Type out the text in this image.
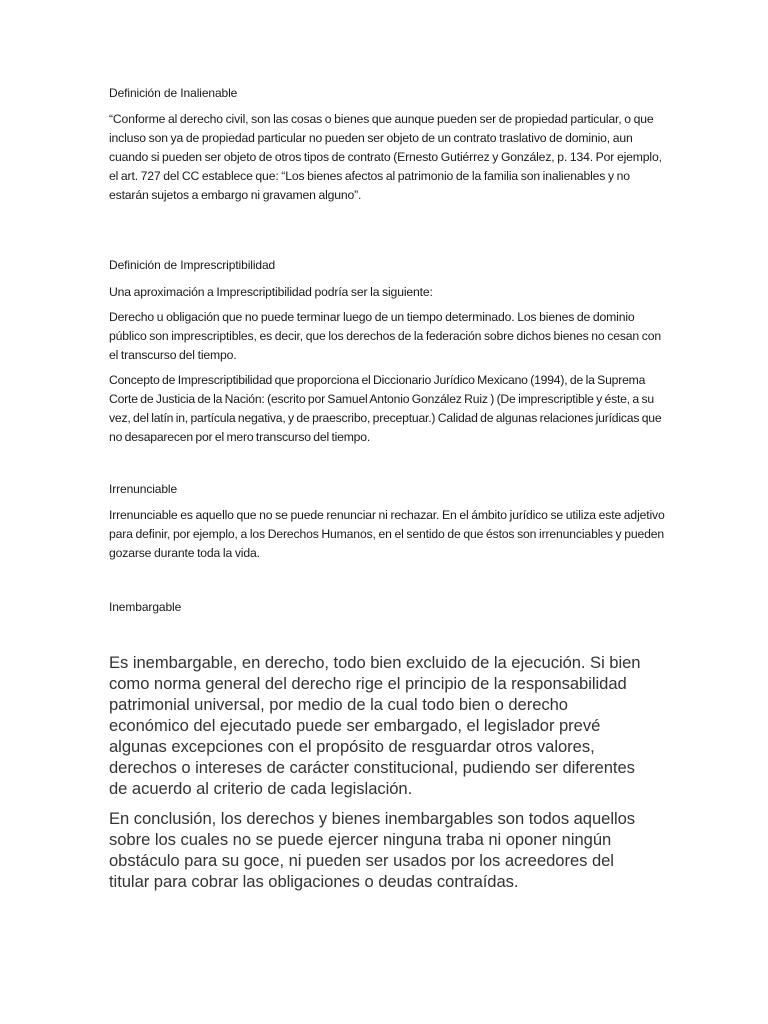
Definición de Inalienable

“Conforme al derecho civil, son las cosas o bienes que aunque pueden ser de propiedad particular, o que incluso son ya de propiedad particular no pueden ser objeto de un contrato traslativo de dominio, aun cuando si pueden ser objeto de otros tipos de contrato (Ernesto Gutiérrez y González, p. 134. Por ejemplo, el art. 727 del CC establece que: “Los bienes afectos al patrimonio de la familia son inalienables y no estarán sujetos a embargo ni gravamen alguno”.

Definición de Imprescriptibilidad

Una aproximación a Imprescriptibilidad podría ser la siguiente:

Derecho u obligación que no puede terminar luego de un tiempo determinado. Los bienes de dominio público son imprescriptibles, es decir, que los derechos de la federación sobre dichos bienes no cesan con el transcurso del tiempo.

Concepto de Imprescriptibilidad que proporciona el Diccionario Jurídico Mexicano (1994), de la Suprema Corte de Justicia de la Nación: (escrito por Samuel Antonio González Ruiz ) (De imprescriptible y éste, a su vez, del latín in, partícula negativa, y de praescribo, preceptuar.) Calidad de algunas relaciones jurídicas que no desaparecen por el mero transcurso del tiempo.

Irrenunciable

Irrenunciable es aquello que no se puede renunciar ni rechazar. En el ámbito jurídico se utiliza este adjetivo para definir, por ejemplo, a los Derechos Humanos, en el sentido de que éstos son irrenunciables y pueden gozarse durante toda la vida.

Inembargable

Es inembargable, en derecho, todo bien excluido de la ejecución. Si bien como norma general del derecho rige el principio de la responsabilidad patrimonial universal, por medio de la cual todo bien o derecho económico del ejecutado puede ser embargado, el legislador prevé algunas excepciones con el propósito de resguardar otros valores, derechos o intereses de carácter constitucional, pudiendo ser diferentes de acuerdo al criterio de cada legislación.

En conclusión, los derechos y bienes inembargables son todos aquellos sobre los cuales no se puede ejercer ninguna traba ni oponer ningún obstáculo para su goce, ni pueden ser usados por los acreedores del titular para cobrar las obligaciones o deudas contraídas.
